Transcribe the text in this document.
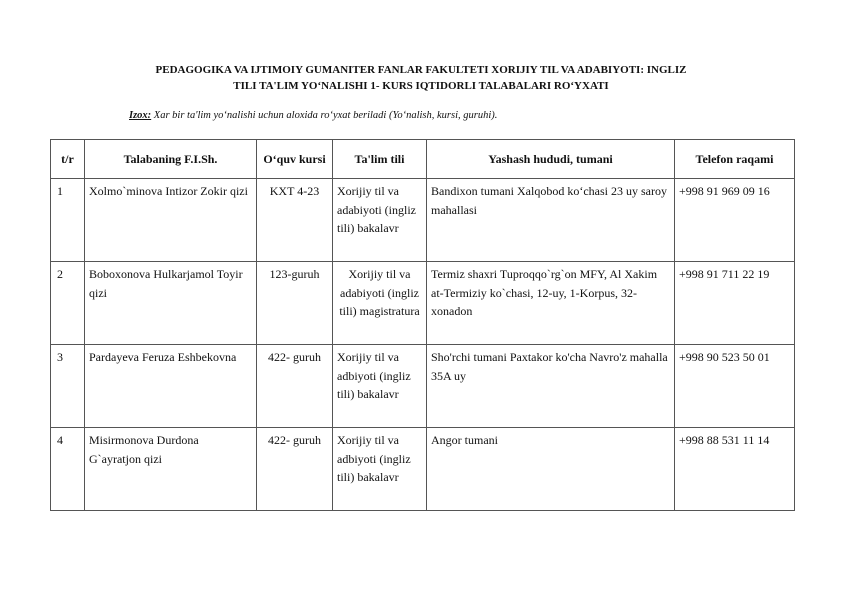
PEDAGOGIKA VA IJTIMOIY GUMANITER FANLAR FAKULTETI XORIJIY TIL VA ADABIYOTI: INGLIZ
TILI TA'LIM YO‘NALISHI 1- KURS IQTIDORLI TALABALARI RO‘YXATI
Izox: Xar bir ta'lim yo‘nalishi uchun aloxida ro‘yxat beriladi (Yo‘nalish, kursi, guruhi).
t/r	Talabaning F.I.Sh.	O‘quv kursi	Ta'lim tili	Yashash hududi, tumani	Telefon raqami
1	Xolmo`minova Intizor Zokir qizi	KXT 4-23	Xorijiy til va adabiyoti (ingliz tili) bakalavr	Bandixon tumani Xalqobod ko‘chasi 23 uy saroy mahallasi	+998 91 969 09 16
2	Boboxonova Hulkarjamol Toyir qizi	123-guruh	Xorijiy til va adabiyoti (ingliz tili) magistratura	Termiz shaxri Tuproqqo`rg`on MFY, Al Xakim at-Termiziy ko`chasi, 12-uy, 1-Korpus, 32-xonadon	+998 91 711 22 19
3	Pardayeva Feruza Eshbekovna	422- guruh	Xorijiy til va adbiyoti (ingliz tili) bakalavr	Sho'rchi tumani Paxtakor ko'cha Navro'z mahalla 35A uy	+998 90 523 50 01
4	Misirmonova Durdona G`ayratjon qizi	422- guruh	Xorijiy til va adbiyoti (ingliz tili) bakalavr	Angor tumani	+998 88 531 11 14
